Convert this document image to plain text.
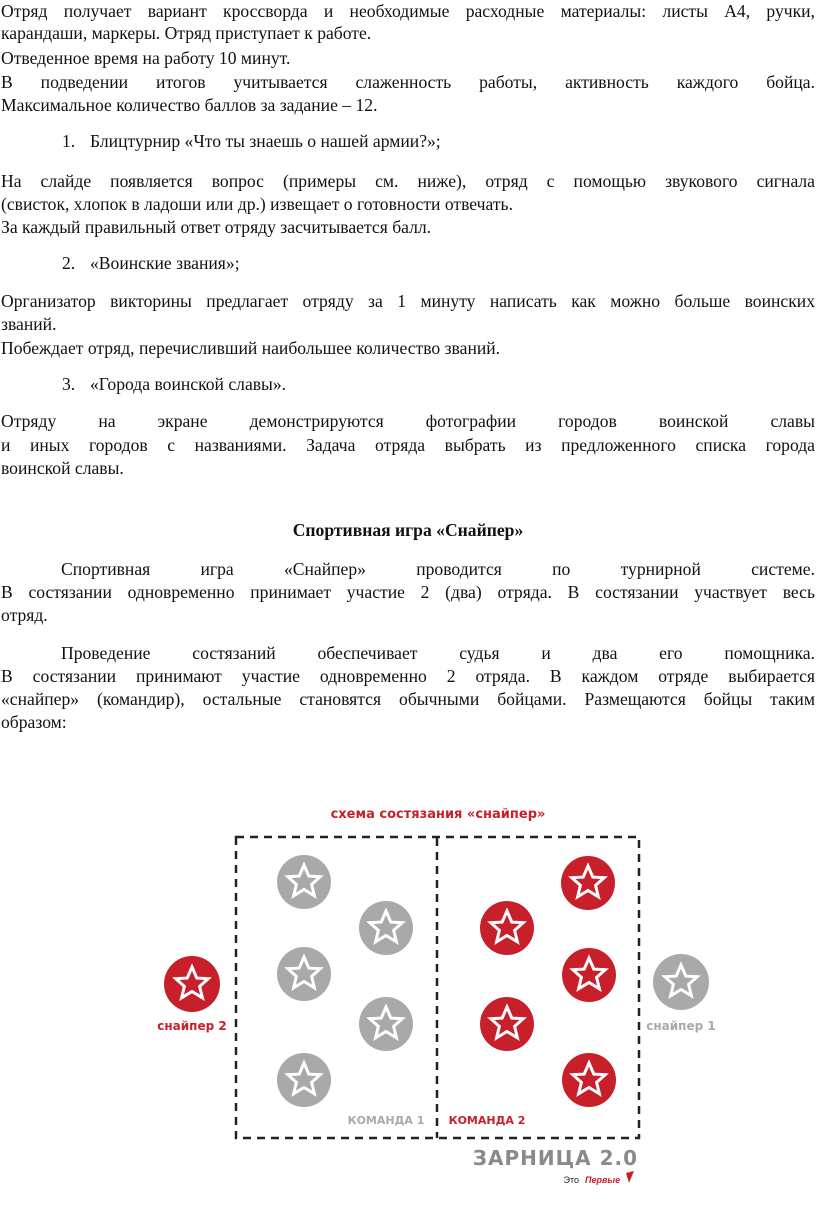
Отряд получает вариант кроссворда и необходимые расходные материалы: листы А4, ручки,
карандаши, маркеры. Отряд приступает к работе.
Отведенное время на работу 10 минут.
В подведении итогов учитывается слаженность работы, активность каждого бойца.
Максимальное количество баллов за задание – 12.
1. Блицтурнир «Что ты знаешь о нашей армии?»;
На слайде появляется вопрос (примеры см. ниже), отряд с помощью звукового сигнала
(свисток, хлопок в ладоши или др.) извещает о готовности отвечать.
За каждый правильный ответ отряду засчитывается балл.
2. «Воинские звания»;
Организатор викторины предлагает отряду за 1 минуту написать как можно больше воинских
званий.
Побеждает отряд, перечисливший наибольшее количество званий.
3. «Города воинской славы».
Отряду на экране демонстрируются фотографии городов воинской славы
и иных городов с названиями. Задача отряда выбрать из предложенного списка города
воинской славы.
Спортивная игра «Снайпер»
Спортивная игра «Снайпер» проводится по турнирной системе.
В состязании одновременно принимает участие 2 (два) отряда. В состязании участвует весь
отряд.
Проведение состязаний обеспечивает судья и два его помощника.
В состязании принимают участие одновременно 2 отряда. В каждом отряде выбирается
«снайпер» (командир), остальные становятся обычными бойцами. Размещаются бойцы таким
образом:
схема состязания «снайпер»
снайпер 2	снайпер 1
КОМАНДА 1 КОМАНДА 2
ЗАРНИЦА 2.0
Это Первые
